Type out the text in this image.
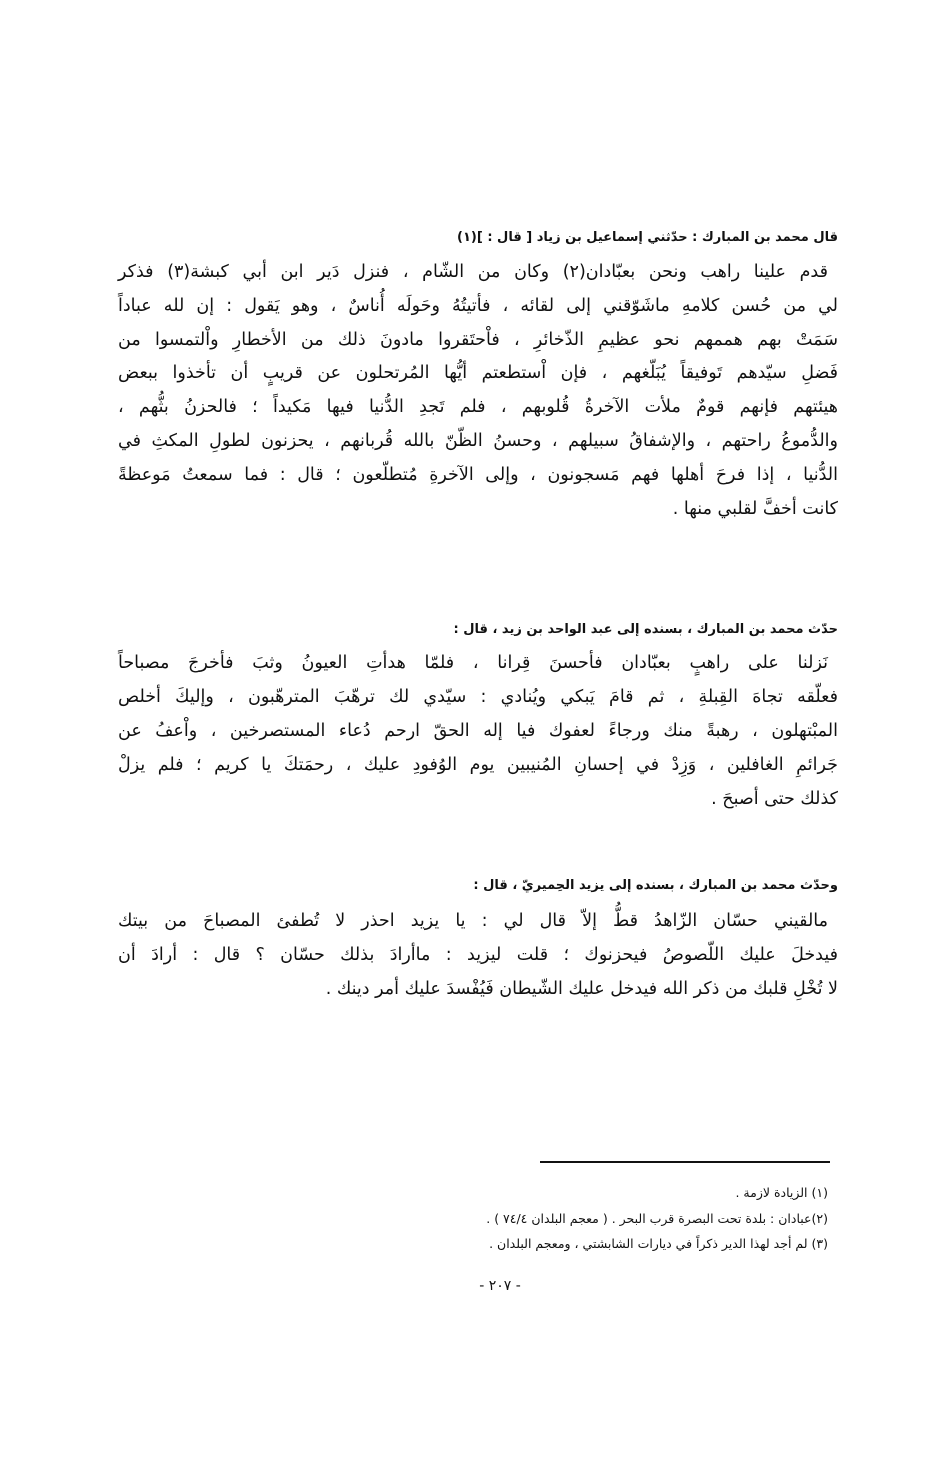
قال محمد بن المبارك : حدّثني إسماعيل بن زياد [ قال : ](١)
قدم علينا راهب ونحن بعبّادان(٢) وكان من الشّام ، فنزل دَير ابن أبي كبشة(٣) فذكر
لي من حُسن كلامهِ ماشَوّقني إلى لقائه ، فأتيتُهُ وحَولَه أُناسٌ ، وهو يَقول : إن لله عباداً
سَمَتْ بهم هممهم نحو عظيمِ الذّخائرِ ، فاْحتَقروا مادونَ ذلك من الأخطارِ واْلتمسوا من
فَضلِ سيّدهم تَوفيقاً يُبَلّغهم ، فإن اْستطعتم أيُّها المُرتحلون عن قريبٍ أن تأخذوا ببعض
هيئتهم فإنهم قومٌ ملأت الآخرةُ قُلوبهم ، فلم تَجدِ الدُّنيا فيها مَكيداً ؛ فالحزنُ بثُّهم ،
والدُّموعُ راحتهم ، والإشفاقُ سبيلهم ، وحسنُ الظّنّ بالله قُربانهم ، يحزنون لطولِ المكثِ في
الدُّنيا ، إذا فرحَ أهلها فهم مَسجونون ، وإلى الآخرةِ مُتطلّعون ؛ قال : فما سمعتُ مَوعظةً
كانت أخفَّ لقلبي منها .
حدّث محمد بن المبارك ، بسنده إلى عبد الواحد بن زيد ، قال :
نَزلنا على راهبٍ بعبّادان فأحسنَ قِرانا ، فلمّا هدأتِ العيونُ وثبَ فأخرجَ مصباحاً
فعلّقه تجاهَ القِبلةِ ، ثم قامَ يَبكي ويُنادي : سيّدي لك ترهّبَ المترهّبون ، وإليكَ أخلص
المبْتهلون ، رهبةً منك ورجاءً لعفوك فيا إله الحقّ ارحم دُعاء المستصرخين ، واْعفُ عن
جَرائمِ الغافلين ، وَزِدْ في إحسانِ المُنيبين يوم الوُفودِ عليك ، رحمَتكَ يا كريم ؛ فلم يزلْ
كذلك حتى أصبحَ .
وحدّث محمد بن المبارك ، بسنده إلى يزيد الحِميريّ ، قال :
مالقيني حسّان الزّاهدُ قطُّ إلاّ قال لي : يا يزيد احذر لا تُطفئ المصباحَ من بيتك
فيدخلَ عليك اللّصوصُ فيحزنوك ؛ قلت ليزيد : ماأرادَ بذلك حسّان ؟ قال : أرادَ أن
لا تُخْلِ قلبك من ذكر الله فيدخل عليك الشّيطان فَيُفْسدَ عليك أمر دينك .
(١) الزيادة لازمة .
(٢)عبادان : بلدة تحت البصرة قرب البحر . ( معجم البلدان ٧٤/٤ ) .
(٣) لم أجد لهذا الدير ذكراً في ديارات الشابشتي ، ومعجم البلدان .
- ٢٠٧ -
